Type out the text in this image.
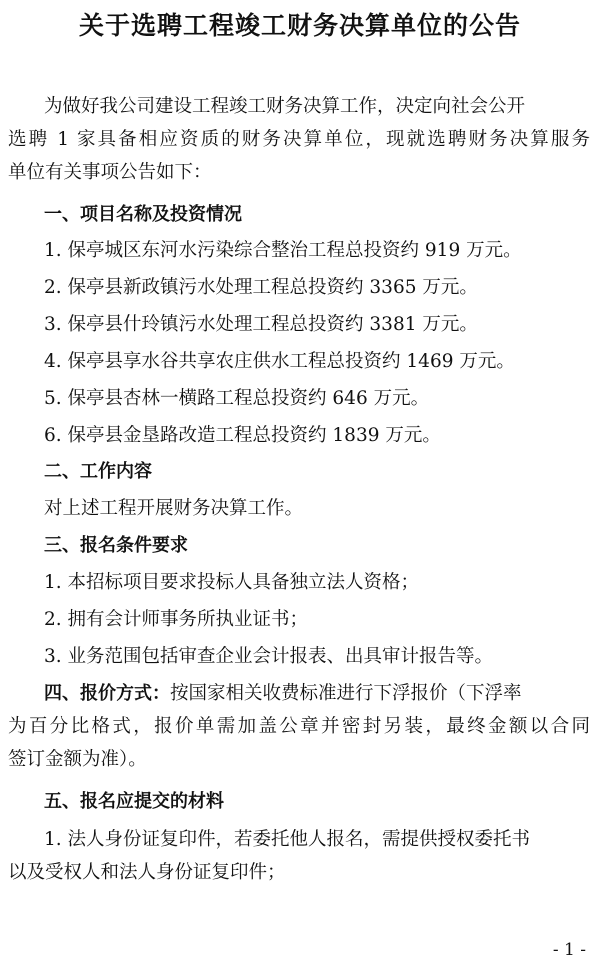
关于选聘工程竣工财务决算单位的公告
为做好我公司建设工程竣工财务决算工作，决定向社会公开
选聘 1 家具备相应资质的财务决算单位，现就选聘财务决算服务
单位有关事项公告如下：
一、项目名称及投资情况
1. 保亭城区东河水污染综合整治工程总投资约 919 万元。
2. 保亭县新政镇污水处理工程总投资约 3365 万元。
3. 保亭县什玲镇污水处理工程总投资约 3381 万元。
4. 保亭县享水谷共享农庄供水工程总投资约 1469 万元。
5. 保亭县杏林一横路工程总投资约 646 万元。
6. 保亭县金垦路改造工程总投资约 1839 万元。
二、工作内容
对上述工程开展财务决算工作。
三、报名条件要求
1. 本招标项目要求投标人具备独立法人资格；
2. 拥有会计师事务所执业证书；
3. 业务范围包括审查企业会计报表、出具审计报告等。
四、报价方式：按国家相关收费标准进行下浮报价（下浮率
为百分比格式，报价单需加盖公章并密封另装，最终金额以合同
签订金额为准）。
五、报名应提交的材料
1. 法人身份证复印件，若委托他人报名，需提供授权委托书
以及受权人和法人身份证复印件；
- 1 -
